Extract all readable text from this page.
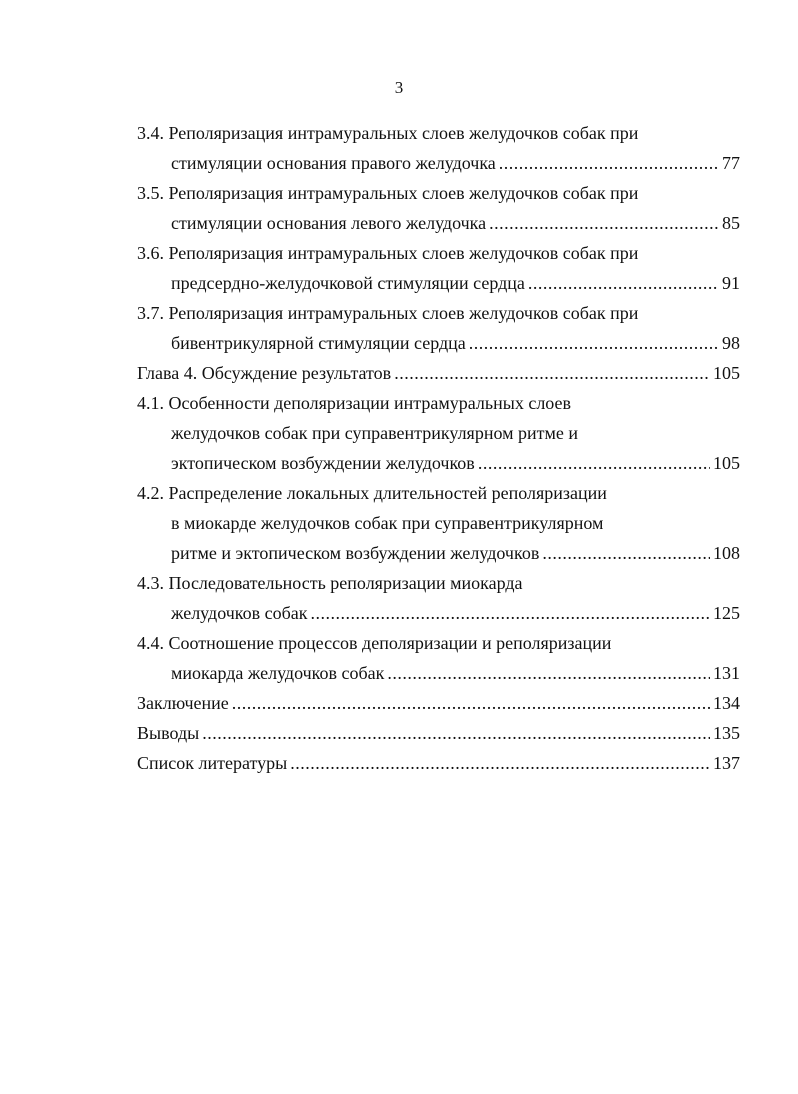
3
3.4. Реполяризация интрамуральных слоев желудочков собак при
стимуляции основания правого желудочка . . .	77
3.5. Реполяризация интрамуральных слоев желудочков собак при
стимуляции основания левого желудочка . . .	85
3.6. Реполяризация интрамуральных слоев желудочков собак при
предсердно-желудочковой стимуляции сердца . . .	91
3.7. Реполяризация интрамуральных слоев желудочков собак при
бивентрикулярной стимуляции сердца . . .	98
Глава 4. Обсуждение результатов . . .	105
4.1. Особенности деполяризации интрамуральных слоев
желудочков собак при суправентрикулярном ритме и
эктопическом возбуждении желудочков . . .	105
4.2. Распределение локальных длительностей реполяризации
в миокарде желудочков собак при суправентрикулярном
ритме и эктопическом возбуждении желудочков . . .	108
4.3. Последовательность реполяризации миокарда
желудочков собак . . .	125
4.4. Соотношение процессов деполяризации и реполяризации
миокарда желудочков собак . . .	131
Заключение . . .	134
Выводы . . .	135
Список литературы . . .	137
